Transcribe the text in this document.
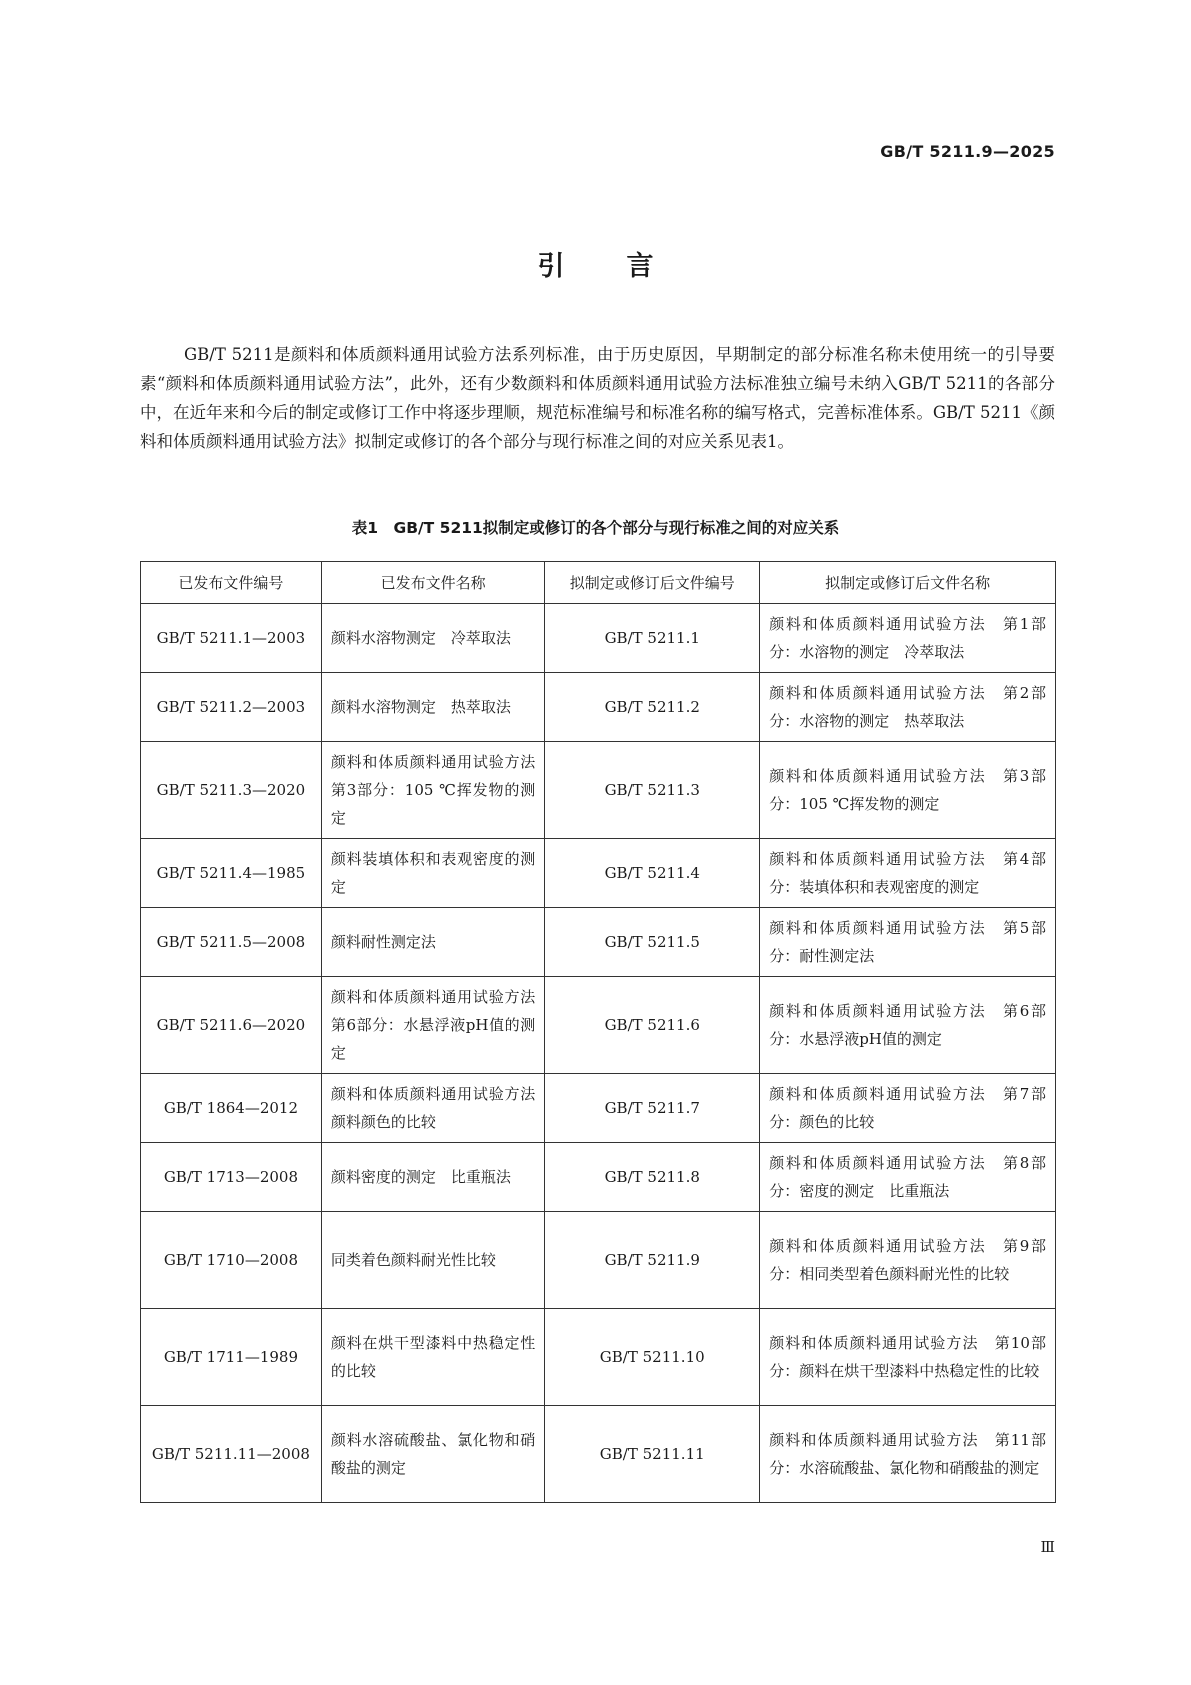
GB/T 5211.9—2025
引言

GB/T 5211是颜料和体质颜料通用试验方法系列标准，由于历史原因，早期制定的部分标准名称未使用统一的引导要素“颜料和体质颜料通用试验方法”，此外，还有少数颜料和体质颜料通用试验方法标准独立编号未纳入GB/T 5211的各部分中，在近年来和今后的制定或修订工作中将逐步理顺，规范标准编号和标准名称的编写格式，完善标准体系。GB/T 5211《颜料和体质颜料通用试验方法》拟制定或修订的各个部分与现行标准之间的对应关系见表1。

表1　GB/T 5211拟制定或修订的各个部分与现行标准之间的对应关系
已发布文件编号	已发布文件名称	拟制定或修订后文件编号	拟制定或修订后文件名称
GB/T 5211.1—2003	颜料水溶物测定　冷萃取法	GB/T 5211.1	颜料和体质颜料通用试验方法　第1部分：水溶物的测定　冷萃取法
GB/T 5211.2—2003	颜料水溶物测定　热萃取法	GB/T 5211.2	颜料和体质颜料通用试验方法　第2部分：水溶物的测定　热萃取法
GB/T 5211.3—2020	颜料和体质颜料通用试验方法　第3部分：105 ℃挥发物的测定	GB/T 5211.3	颜料和体质颜料通用试验方法　第3部分：105 ℃挥发物的测定
GB/T 5211.4—1985	颜料装填体积和表观密度的测定	GB/T 5211.4	颜料和体质颜料通用试验方法　第4部分：装填体积和表观密度的测定
GB/T 5211.5—2008	颜料耐性测定法	GB/T 5211.5	颜料和体质颜料通用试验方法　第5部分：耐性测定法
GB/T 5211.6—2020	颜料和体质颜料通用试验方法　第6部分：水悬浮液pH值的测定	GB/T 5211.6	颜料和体质颜料通用试验方法　第6部分：水悬浮液pH值的测定
GB/T 1864—2012	颜料和体质颜料通用试验方法　颜料颜色的比较	GB/T 5211.7	颜料和体质颜料通用试验方法　第7部分：颜色的比较
GB/T 1713—2008	颜料密度的测定　比重瓶法	GB/T 5211.8	颜料和体质颜料通用试验方法　第8部分：密度的测定　比重瓶法
GB/T 1710—2008	同类着色颜料耐光性比较	GB/T 5211.9	颜料和体质颜料通用试验方法　第9部分：相同类型着色颜料耐光性的比较
GB/T 1711—1989	颜料在烘干型漆料中热稳定性的比较	GB/T 5211.10	颜料和体质颜料通用试验方法　第10部分：颜料在烘干型漆料中热稳定性的比较
GB/T 5211.11—2008	颜料水溶硫酸盐、氯化物和硝酸盐的测定	GB/T 5211.11	颜料和体质颜料通用试验方法　第11部分：水溶硫酸盐、氯化物和硝酸盐的测定
Ⅲ
